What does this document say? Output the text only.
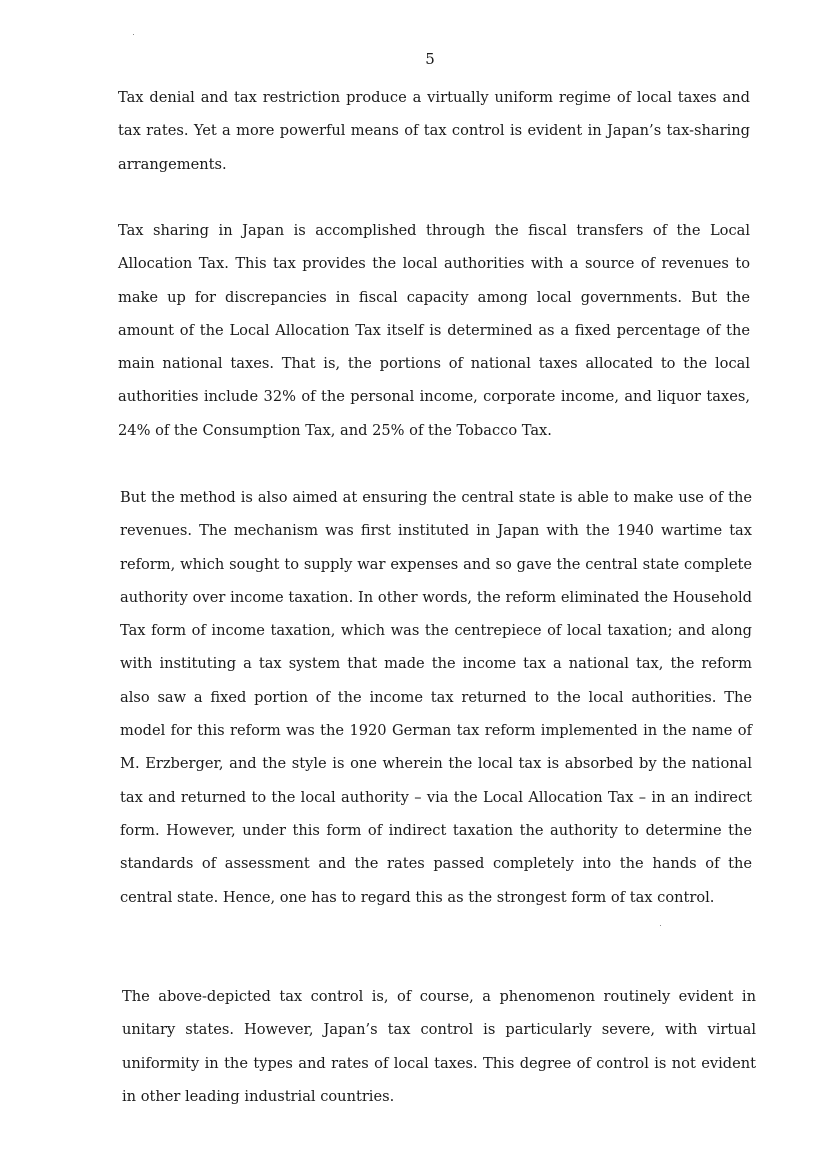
5

Tax denial and tax restriction produce a virtually uniform regime of local taxes and tax rates. Yet a more powerful means of tax control is evident in Japan’s tax-sharing arrangements.

Tax sharing in Japan is accomplished through the fiscal transfers of the Local Allocation Tax. This tax provides the local authorities with a source of revenues to make up for discrepancies in fiscal capacity among local governments. But the amount of the Local Allocation Tax itself is determined as a fixed percentage of the main national taxes. That is, the portions of national taxes allocated to the local authorities include 32% of the personal income, corporate income, and liquor taxes, 24% of the Consumption Tax, and 25% of the Tobacco Tax.

But the method is also aimed at ensuring the central state is able to make use of the revenues. The mechanism was first instituted in Japan with the 1940 wartime tax reform, which sought to supply war expenses and so gave the central state complete authority over income taxation. In other words, the reform eliminated the Household Tax form of income taxation, which was the centrepiece of local taxation; and along with instituting a tax system that made the income tax a national tax, the reform also saw a fixed portion of the income tax returned to the local authorities. The model for this reform was the 1920 German tax reform implemented in the name of M. Erzberger, and the style is one wherein the local tax is absorbed by the national tax and returned to the local authority – via the Local Allocation Tax – in an indirect form. However, under this form of indirect taxation the authority to determine the standards of assessment and the rates passed completely into the hands of the central state. Hence, one has to regard this as the strongest form of tax control.

The above-depicted tax control is, of course, a phenomenon routinely evident in unitary states. However, Japan’s tax control is particularly severe, with virtual uniformity in the types and rates of local taxes. This degree of control is not evident in other leading industrial countries.
